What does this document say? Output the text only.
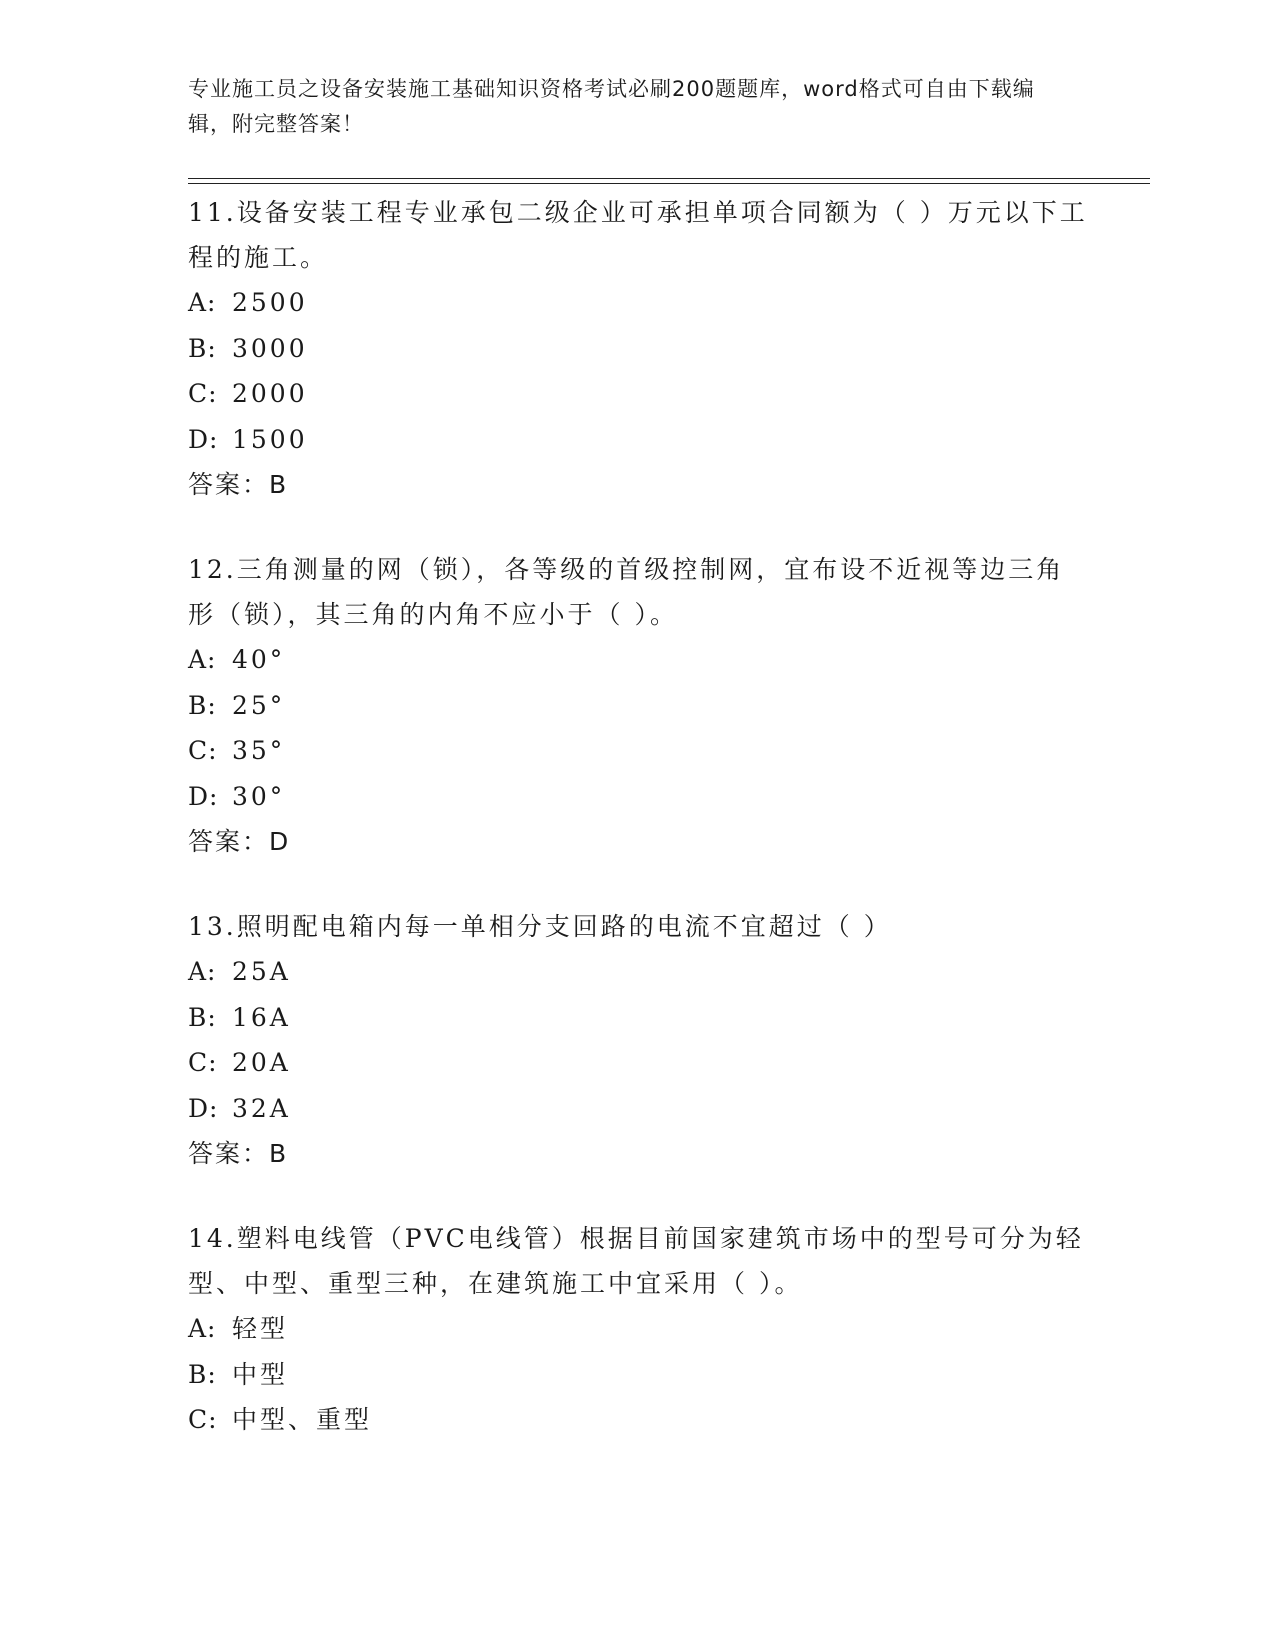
专业施工员之设备安装施工基础知识资格考试必刷200题题库，word格式可自由下载编辑，附完整答案！

11.设备安装工程专业承包二级企业可承担单项合同额为（ ）万元以下工程的施工。

A: 2500
B: 3000
C: 2000
D: 1500
答案：B

12.三角测量的网（锁），各等级的首级控制网，宜布设不近视等边三角形（锁），其三角的内角不应小于（ ）。

A: 40°
B: 25°
C: 35°
D: 30°
答案：D

13.照明配电箱内每一单相分支回路的电流不宜超过（ ）

A: 25A
B: 16A
C: 20A
D: 32A
答案：B

14.塑料电线管（PVC电线管）根据目前国家建筑市场中的型号可分为轻型、中型、重型三种，在建筑施工中宜采用（ ）。

A: 轻型
B: 中型
C: 中型、重型
